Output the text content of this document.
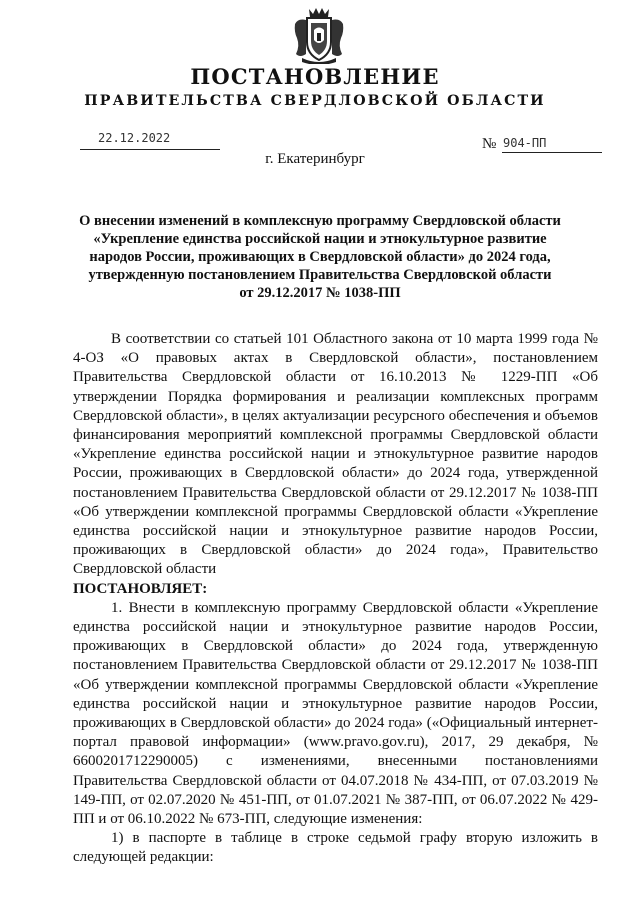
ПОСТАНОВЛЕНИЕ
ПРАВИТЕЛЬСТВА СВЕРДЛОВСКОЙ ОБЛАСТИ
22.12.2022	№ 904-ПП
г. Екатеринбург
О внесении изменений в комплексную программу Свердловской области
«Укрепление единства российской нации и этнокультурное развитие
народов России, проживающих в Свердловской области» до 2024 года,
утвержденную постановлением Правительства Свердловской области
от 29.12.2017 № 1038-ПП

В соответствии со статьей 101 Областного закона от 10 марта 1999 года № 4-ОЗ «О правовых актах в Свердловской области», постановлением Правительства Свердловской области от 16.10.2013 № 1229-ПП «Об утверждении Порядка формирования и реализации комплексных программ Свердловской области», в целях актуализации ресурсного обеспечения и объемов финансирования мероприятий комплексной программы Свердловской области «Укрепление единства российской нации и этнокультурное развитие народов России, проживающих в Свердловской области» до 2024 года, утвержденной постановлением Правительства Свердловской области от 29.12.2017 № 1038-ПП «Об утверждении комплексной программы Свердловской области «Укрепление единства российской нации и этнокультурное развитие народов России, проживающих в Свердловской области» до 2024 года», Правительство Свердловской области

ПОСТАНОВЛЯЕТ:

1. Внести в комплексную программу Свердловской области «Укрепление единства российской нации и этнокультурное развитие народов России, проживающих в Свердловской области» до 2024 года, утвержденную постановлением Правительства Свердловской области от 29.12.2017 № 1038-ПП «Об утверждении комплексной программы Свердловской области «Укрепление единства российской нации и этнокультурное развитие народов России, проживающих в Свердловской области» до 2024 года» («Официальный интернет-портал правовой информации» (www.pravo.gov.ru), 2017, 29 декабря, № 6600201712290005) с изменениями, внесенными постановлениями Правительства Свердловской области от 04.07.2018 № 434-ПП, от 07.03.2019 № 149-ПП, от 02.07.2020 № 451-ПП, от 01.07.2021 № 387-ПП, от 06.07.2022 № 429-ПП и от 06.10.2022 № 673-ПП, следующие изменения:

1) в паспорте в таблице в строке седьмой графу вторую изложить в следующей редакции:
